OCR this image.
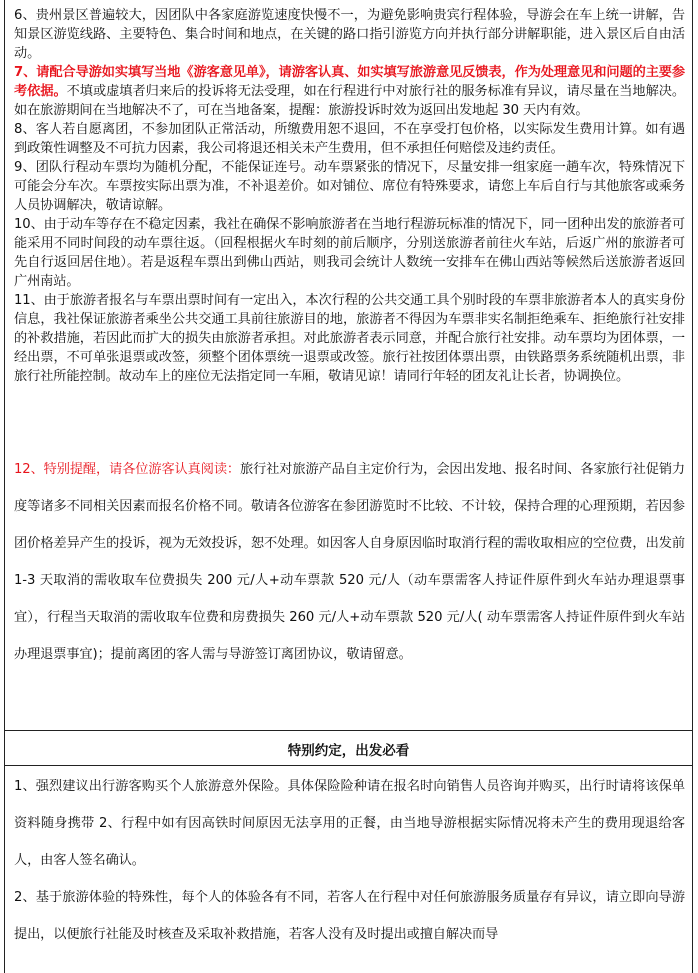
6、贵州景区普遍较大，因团队中各家庭游览速度快慢不一，为避免影响贵宾行程体验，导游会在车上统一讲解，告知景区游览线路、主要特色、集合时间和地点，在关键的路口指引游览方向并执行部分讲解职能，进入景区后自由活动。

7、请配合导游如实填写当地《游客意见单》，请游客认真、如实填写旅游意见反馈表，作为处理意见和问题的主要参考依据。不填或虚填者归来后的投诉将无法受理，如在行程进行中对旅行社的服务标准有异议，请尽量在当地解决。如在旅游期间在当地解决不了，可在当地备案，提醒：旅游投诉时效为返回出发地起 30 天内有效。

8、客人若自愿离团，不参加团队正常活动，所缴费用恕不退回，不在享受打包价格，以实际发生费用计算。如有遇到政策性调整及不可抗力因素，我公司将退还相关未产生费用，但不承担任何赔偿及违约责任。

9、团队行程动车票均为随机分配，不能保证连号。动车票紧张的情况下，尽量安排一组家庭一趟车次，特殊情况下可能会分车次。车票按实际出票为准，不补退差价。如对铺位、席位有特殊要求，请您上车后自行与其他旅客或乘务人员协调解决，敬请谅解。

10、由于动车等存在不稳定因素，我社在确保不影响旅游者在当地行程游玩标准的情况下，同一团种出发的旅游者可能采用不同时间段的动车票往返。（回程根据火车时刻的前后顺序，分别送旅游者前往火车站，后返广州的旅游者可先自行返回居住地）。若是返程车票出到佛山西站，则我司会统计人数统一安排车在佛山西站等候然后送旅游者返回广州南站。

11、由于旅游者报名与车票出票时间有一定出入，本次行程的公共交通工具个别时段的车票非旅游者本人的真实身份信息，我社保证旅游者乘坐公共交通工具前往旅游目的地，旅游者不得因为车票非实名制拒绝乘车、拒绝旅行社安排的补救措施，若因此而扩大的损失由旅游者承担。对此旅游者表示同意，并配合旅行社安排。动车票均为团体票，一经出票，不可单张退票或改签，须整个团体票统一退票或改签。旅行社按团体票出票，由铁路票务系统随机出票，非旅行社所能控制。故动车上的座位无法指定同一车厢，敬请见谅！请同行年轻的团友礼让长者，协调换位。

12、特别提醒，请各位游客认真阅读：旅行社对旅游产品自主定价行为，会因出发地、报名时间、各家旅行社促销力度等诸多不同相关因素而报名价格不同。敬请各位游客在参团游览时不比较、不计较，保持合理的心理预期，若因参团价格差异产生的投诉，视为无效投诉，恕不处理。如因客人自身原因临时取消行程的需收取相应的空位费，出发前 1-3 天取消的需收取车位费损失 200 元/人+动车票款 520 元/人（动车票需客人持证件原件到火车站办理退票事宜），行程当天取消的需收取车位费和房费损失 260 元/人+动车票款 520 元/人( 动车票需客人持证件原件到火车站办理退票事宜)；提前离团的客人需与导游签订离团协议，敬请留意。

特别约定，出发必看

1、强烈建议出行游客购买个人旅游意外保险。具体保险险种请在报名时向销售人员咨询并购买，出行时请将该保单资料随身携带 2、行程中如有因高铁时间原因无法享用的正餐，由当地导游根据实际情况将未产生的费用现退给客人，由客人签名确认。

2、基于旅游体验的特殊性，每个人的体验各有不同，若客人在行程中对任何旅游服务质量存有异议，请立即向导游提出，以便旅行社能及时核查及采取补救措施，若客人没有及时提出或擅自解决而导
